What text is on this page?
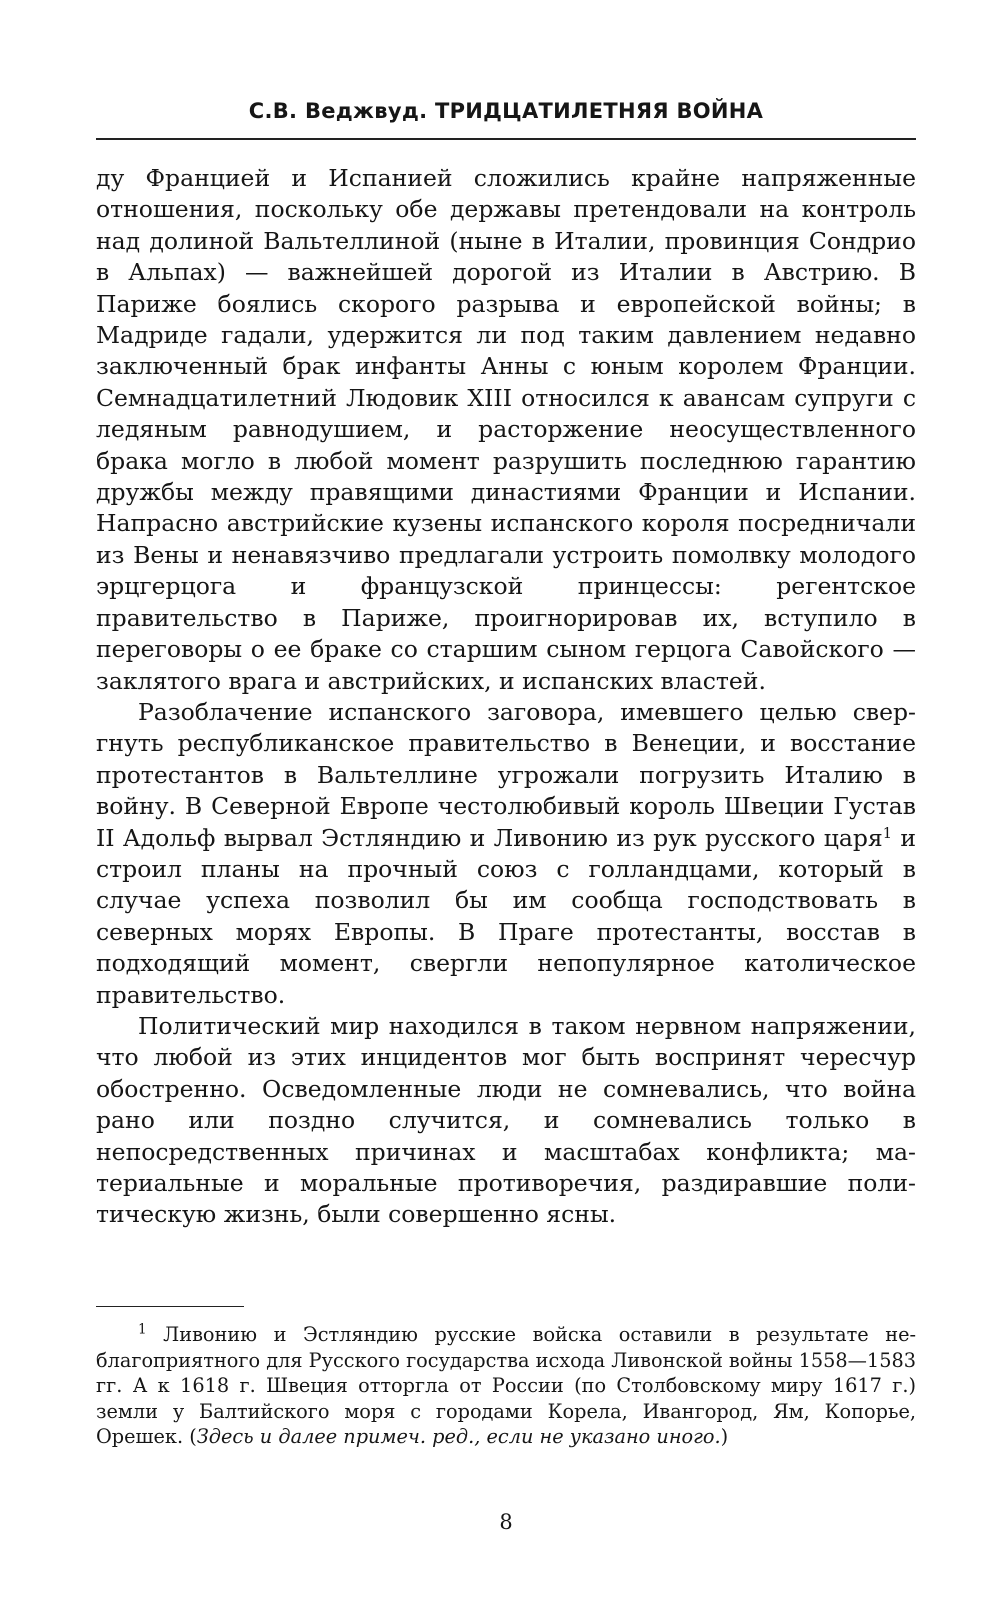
С.В. Веджвуд. ТРИДЦАТИЛЕТНЯЯ ВОЙНА

ду Францией и Испанией сложились крайне напряженные отношения, поскольку обе державы претендовали на контроль над долиной Вальтеллиной (ныне в Италии, провинция Сондрио в Альпах) — важнейшей дорогой из Италии в Австрию. В Париже боялись скорого разрыва и европейской войны; в Мадриде гадали, удержится ли под таким давлением недавно заключенный брак инфанты Анны с юным королем Франции. Семнадцатилетний Людовик XIII относился к авансам супруги с ледяным равнодушием, и расторжение неосуществленного брака могло в любой момент разрушить последнюю гарантию дружбы между правящими династиями Франции и Испании. Напрасно австрийские кузены испанского короля посредничали из Вены и ненавязчиво предлагали устроить помолвку молодого эрцгерцога и французской принцессы: регентское правительство в Париже, проигнорировав их, вступило в переговоры о ее браке со старшим сыном герцога Савойского — заклятого врага и австрийских, и испанских властей.

Разоблачение испанского заговора, имевшего целью свергнуть республиканское правительство в Венеции, и восстание протестантов в Вальтеллине угрожали погрузить Италию в войну. В Северной Европе честолюбивый король Швеции Густав II Адольф вырвал Эстляндию и Ливонию из рук русского царя$^1$ и строил планы на прочный союз с голландцами, который в случае успеха позволил бы им сообща господствовать в северных морях Европы. В Праге протестанты, восстав в подходящий момент, свергли непопулярное католическое правительство.

Политический мир находился в таком нервном напряжении, что любой из этих инцидентов мог быть воспринят чересчур обостренно. Осведомленные люди не сомневались, что война рано или поздно случится, и сомневались только в непосредственных причинах и масштабах конфликта; материальные и моральные противоречия, раздиравшие политическую жизнь, были совершенно ясны.

$^1$ Ливонию и Эстляндию русские войска оставили в результате неблагоприятного для Русского государства исхода Ливонской войны 1558—1583 гг. А к 1618 г. Швеция отторгла от России (по Столбовскому миру 1617 г.) земли у Балтийского моря с городами Корела, Ивангород, Ям, Копорье, Орешек. (Здесь и далее примеч. ред., если не указано иного.)
8
